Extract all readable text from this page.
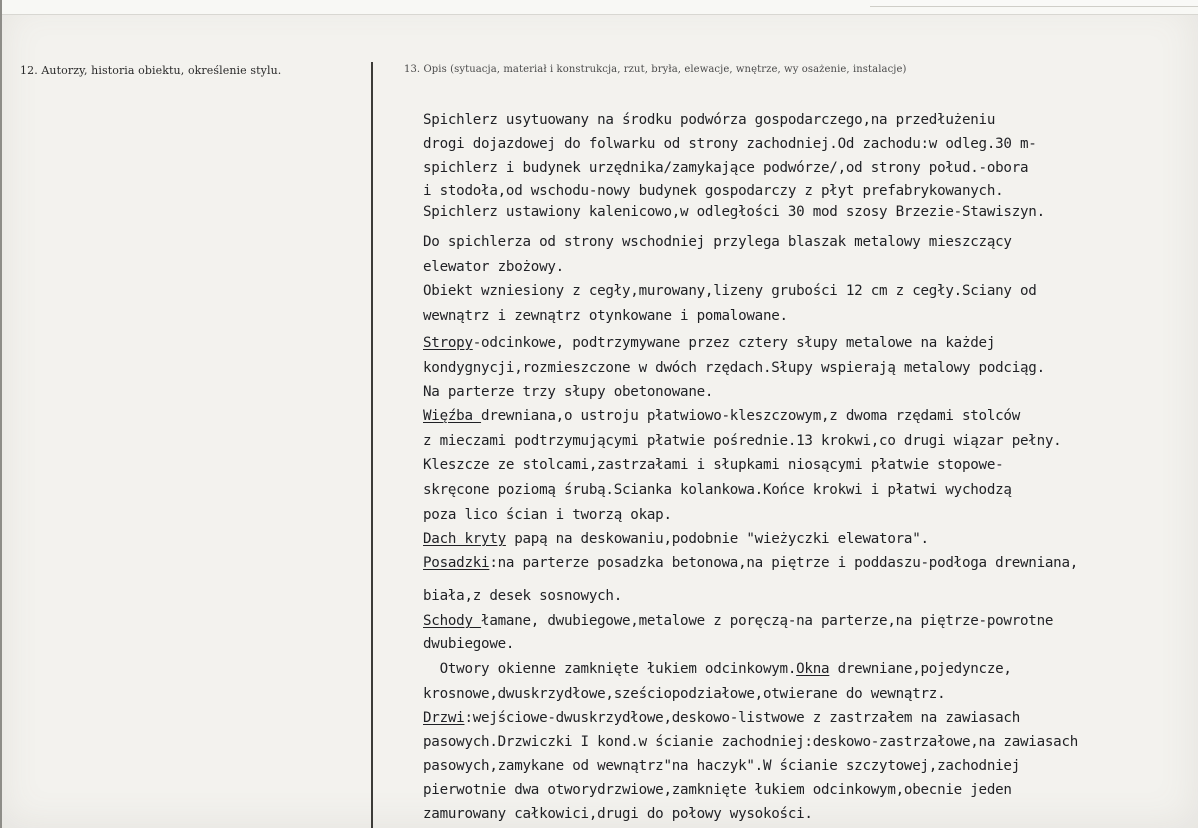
12. Autorzy, historia obiektu, określenie stylu.	13. Opis (sytuacja, materiał i konstrukcja, rzut, bryła, elewacje, wnętrze, wy osażenie, instalacje)
Spichlerz usytuowany na środku podwórza gospodarczego,na przedłużeniu
drogi dojazdowej do folwarku od strony zachodniej.Od zachodu:w odleg.30 m-
spichlerz i budynek urzędnika/zamykające podwórze/,od strony połud.-obora
i stodoła,od wschodu-nowy budynek gospodarczy z płyt prefabrykowanych.
Spichlerz ustawiony kalenicowo,w odległości 30 mod szosy Brzezie-Stawiszyn.
Do spichlerza od strony wschodniej przylega blaszak metalowy mieszczący
elewator zbożowy.
Obiekt wzniesiony z cegły,murowany,lizeny grubości 12 cm z cegły.Sciany od
wewnątrz i zewnątrz otynkowane i pomalowane.
Stropy-odcinkowe, podtrzymywane przez cztery słupy metalowe na każdej
kondygnycji,rozmieszczone w dwóch rzędach.Słupy wspierają metalowy podciąg.
Na parterze trzy słupy obetonowane.
Więźba drewniana,o ustroju płatwiowo-kleszczowym,z dwoma rzędami stolców
z mieczami podtrzymującymi płatwie pośrednie.13 krokwi,co drugi wiązar pełny.
Kleszcze ze stolcami,zastrzałami i słupkami niosącymi płatwie stopowe-
skręcone poziomą śrubą.Scianka kolankowa.Końce krokwi i płatwi wychodzą
poza lico ścian i tworzą okap.
Dach kryty papą na deskowaniu,podobnie "wieżyczki elewatora".
Posadzki:na parterze posadzka betonowa,na piętrze i poddaszu-podłoga drewniana,
biała,z desek sosnowych.
Schody łamane, dwubiegowe,metalowe z poręczą-na parterze,na piętrze-powrotne
dwubiegowe.
Otwory okienne zamknięte łukiem odcinkowym.Okna drewniane,pojedyncze,
krosnowe,dwuskrzydłowe,sześciopodziałowe,otwierane do wewnątrz.
Drzwi:wejściowe-dwuskrzydłowe,deskowo-listwowe z zastrzałem na zawiasach
pasowych.Drzwiczki I kond.w ścianie zachodniej:deskowo-zastrzałowe,na zawiasach
pasowych,zamykane od wewnątrz"na haczyk".W ścianie szczytowej,zachodniej
pierwotnie dwa otworydrzwiowe,zamknięte łukiem odcinkowym,obecnie jeden
zamurowany całkowici,drugi do połowy wysokości.
